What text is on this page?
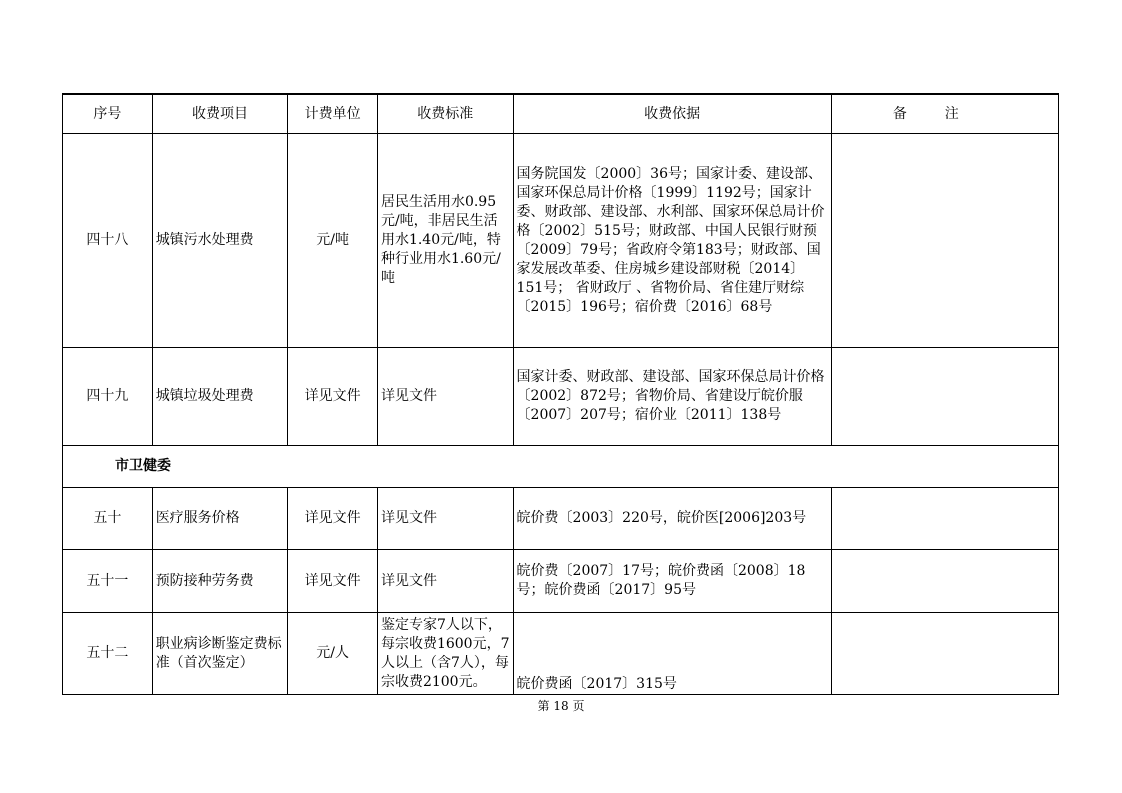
序号	收费项目	计费单位	收费标准	收费依据	备注
四十八	城镇污水处理费	元/吨	居民生活用水0.95元/吨，非居民生活用水1.40元/吨，特种行业用水1.60元/吨	国务院国发〔2000〕36号；国家计委、建设部、国家环保总局计价格〔1999〕1192号；国家计委、财政部、建设部、水利部、国家环保总局计价格〔2002〕515号；财政部、中国人民银行财预〔2009〕79号；省政府令第183号；财政部、国家发展改革委、住房城乡建设部财税〔2014〕151号； 省财政厅 、省物价局、省住建厅财综〔2015〕196号；宿价费〔2016〕68号	
四十九	城镇垃圾处理费	详见文件	详见文件	国家计委、财政部、建设部、国家环保总局计价格〔2002〕872号；省物价局、省建设厅皖价服〔2007〕207号；宿价业〔2011〕138号	
市卫健委					
五十	医疗服务价格	详见文件	详见文件	皖价费〔2003〕220号，皖价医[2006]203号	
五十一	预防接种劳务费	详见文件	详见文件	皖价费〔2007〕17号；皖价费函〔2008〕18号；皖价费函〔2017〕95号	
五十二	职业病诊断鉴定费标准（首次鉴定）	元/人	鉴定专家7人以下，每宗收费1600元，7人以上（含7人），每宗收费2100元。	皖价费函〔2017〕315号	
第 18 页
